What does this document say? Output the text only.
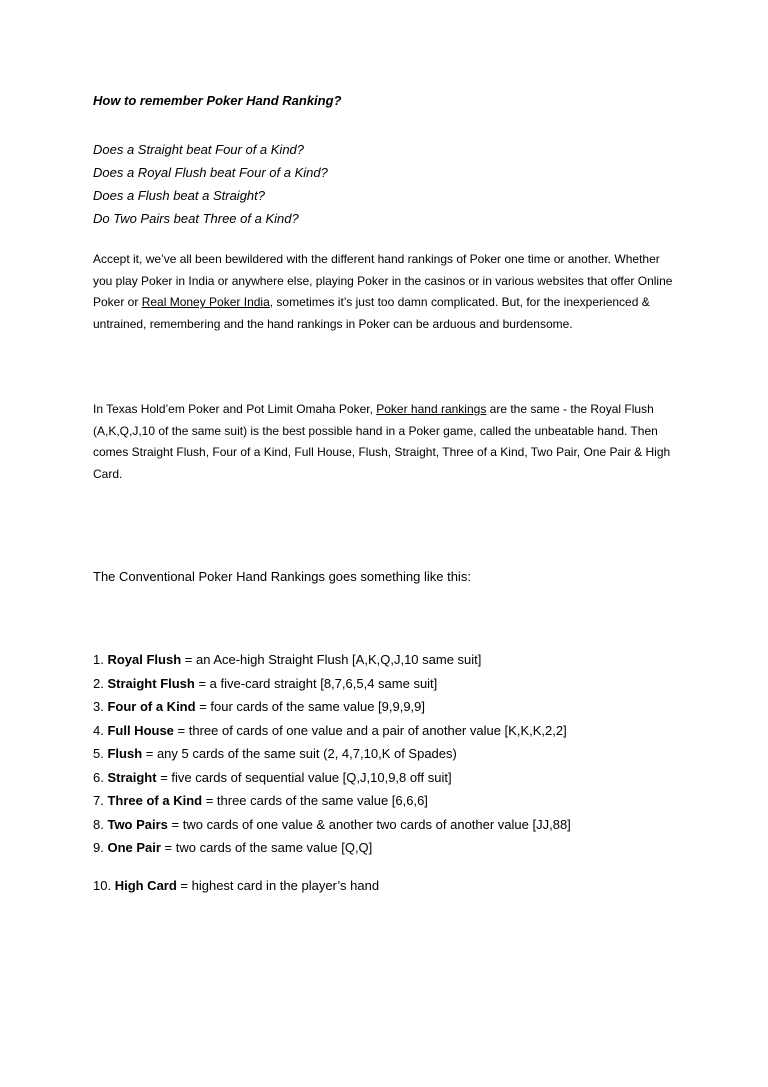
How to remember Poker Hand Ranking?

Does a Straight beat Four of a Kind?
Does a Royal Flush beat Four of a Kind?
Does a Flush beat a Straight?
Do Two Pairs beat Three of a Kind?

Accept it, we’ve all been bewildered with the different hand rankings of Poker one time or another. Whether you play Poker in India or anywhere else, playing Poker in the casinos or in various websites that offer Online Poker or Real Money Poker India, sometimes it’s just too damn complicated. But, for the inexperienced & untrained, remembering and the hand rankings in Poker can be arduous and burdensome.

In Texas Hold’em Poker and Pot Limit Omaha Poker, Poker hand rankings are the same - the Royal Flush (A,K,Q,J,10 of the same suit) is the best possible hand in a Poker game, called the unbeatable hand. Then comes Straight Flush, Four of a Kind, Full House, Flush, Straight, Three of a Kind, Two Pair, One Pair & High Card.

The Conventional Poker Hand Rankings goes something like this:

1. Royal Flush = an Ace-high Straight Flush [A,K,Q,J,10 same suit]
2. Straight Flush = a five-card straight [8,7,6,5,4 same suit]
3. Four of a Kind = four cards of the same value [9,9,9,9]
4. Full House = three of cards of one value and a pair of another value [K,K,K,2,2]
5. Flush = any 5 cards of the same suit (2, 4,7,10,K of Spades)
6. Straight = five cards of sequential value [Q,J,10,9,8 off suit]
7. Three of a Kind = three cards of the same value [6,6,6]
8. Two Pairs = two cards of one value & another two cards of another value [JJ,88]
9. One Pair = two cards of the same value [Q,Q]

10. High Card = highest card in the player’s hand
